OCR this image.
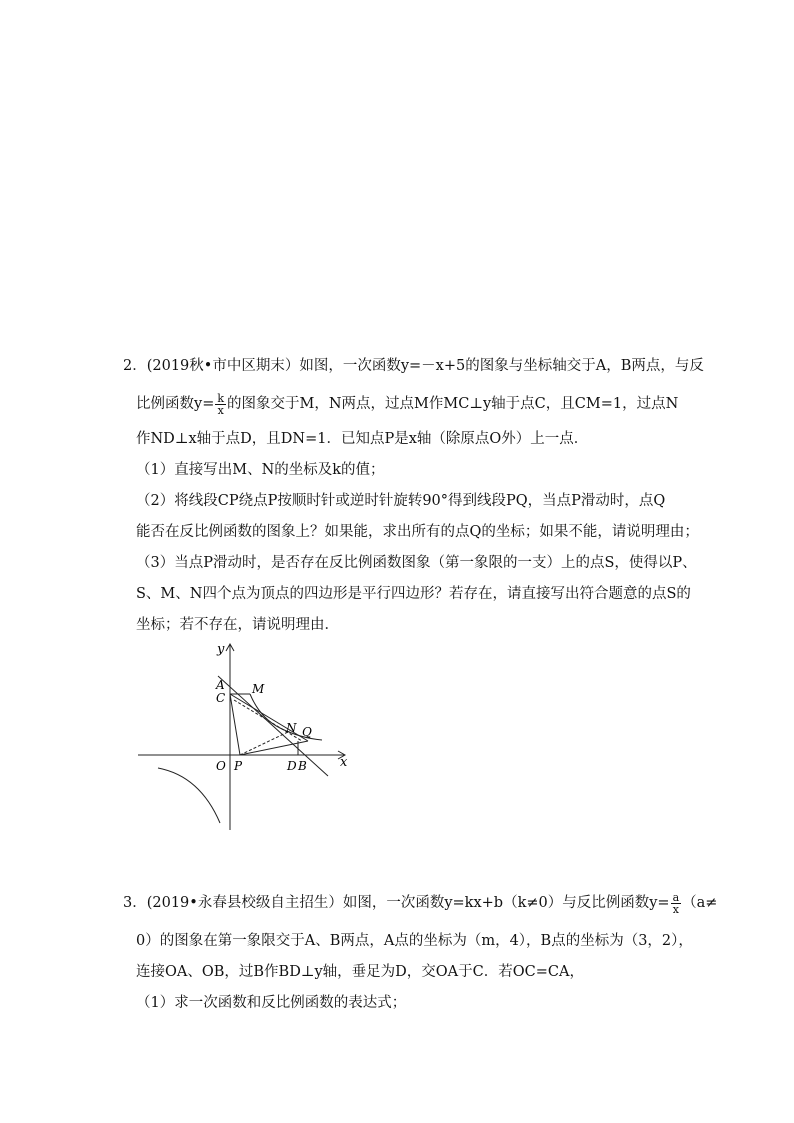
2．(2019秋•市中区期末）如图，一次函数y=－x+5的图象与坐标轴交于A，B两点，与反
比例函数$y= \frac{k}{x}$ 的图象交于M，N两点，过点M作MC⊥y轴于点C，且CM=1，过点N
作ND⊥x轴于点D，且DN=1．已知点P是x轴（除原点O外）上一点．
（1）直接写出M、N的坐标及k的值；
（2）将线段CP绕点P按顺时针或逆时针旋转90°得到线段PQ，当点P滑动时，点Q
能否在反比例函数的图象上？如果能，求出所有的点Q的坐标；如果不能，请说明理由；
（3）当点P滑动时，是否存在反比例函数图象（第一象限的一支）上的点S，使得以P、
S、M、N四个点为顶点的四边形是平行四边形？若存在，请直接写出符合题意的点S的
坐标；若不存在，请说明理由．
y
A
C
M
N Q
O P	D B	x
3．(2019•永春县校级自主招生）如图，一次函数y=kx+b（k≠0）与反比例函数$y= \frac{a}{x} (a\ne$
0）的图象在第一象限交于A、B两点，A点的坐标为（m，4），B点的坐标为（3，2），
连接OA、OB，过B作BD⊥y轴，垂足为D，交OA于C．若OC=CA，
（1）求一次函数和反比例函数的表达式；
